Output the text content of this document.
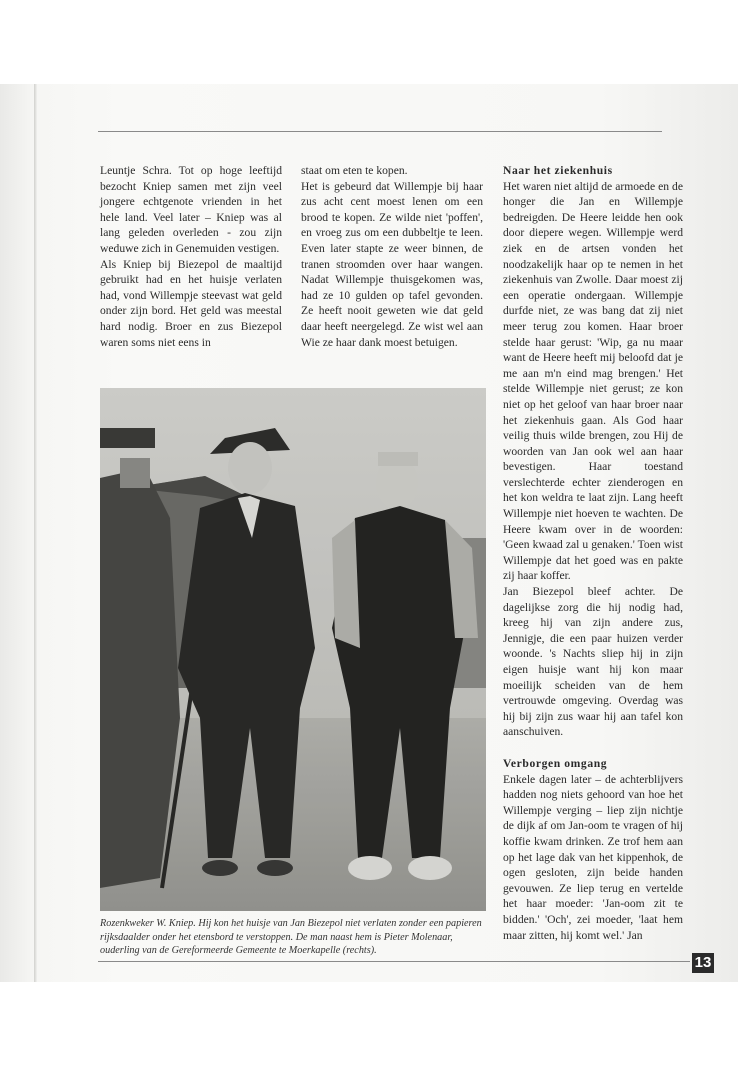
Leuntje Schra. Tot op hoge leeftijd bezocht Kniep samen met zijn veel jongere echtgenote vrienden in het hele land. Veel later – Kniep was al lang geleden overleden - zou zijn weduwe zich in Genemuiden vestigen.

Als Kniep bij Biezepol de maaltijd gebruikt had en het huisje verlaten had, vond Willempje steevast wat geld onder zijn bord. Het geld was meestal hard nodig. Broer en zus Biezepol waren soms niet eens in

staat om eten te kopen.

Het is gebeurd dat Willempje bij haar zus acht cent moest lenen om een brood te kopen. Ze wilde niet 'poffen', en vroeg zus om een dubbeltje te leen. Even later stapte ze weer binnen, de tranen stroomden over haar wangen. Nadat Willempje thuisgekomen was, had ze 10 gulden op tafel gevonden. Ze heeft nooit geweten wie dat geld daar heeft neergelegd. Ze wist wel aan Wie ze haar dank moest betuigen.

Naar het ziekenhuis

Het waren niet altijd de armoede en de honger die Jan en Willempje bedreigden. De Heere leidde hen ook door diepere wegen. Willempje werd ziek en de artsen vonden het noodzakelijk haar op te nemen in het ziekenhuis van Zwolle. Daar moest zij een operatie ondergaan. Willempje durfde niet, ze was bang dat zij niet meer terug zou komen. Haar broer stelde haar gerust: 'Wip, ga nu maar want de Heere heeft mij beloofd dat je me aan m'n eind mag brengen.' Het stelde Willempje niet gerust; ze kon niet op het geloof van haar broer naar het ziekenhuis gaan. Als God haar veilig thuis wilde brengen, zou Hij de woorden van Jan ook wel aan haar bevestigen. Haar toestand verslechterde echter zienderogen en het kon weldra te laat zijn. Lang heeft Willempje niet hoeven te wachten. De Heere kwam over in de woorden: 'Geen kwaad zal u genaken.' Toen wist Willempje dat het goed was en pakte zij haar koffer.

Jan Biezepol bleef achter. De dagelijkse zorg die hij nodig had, kreeg hij van zijn andere zus, Jennigje, die een paar huizen verder woonde. 's Nachts sliep hij in zijn eigen huisje want hij kon maar moeilijk scheiden van de hem vertrouwde omgeving. Overdag was hij bij zijn zus waar hij aan tafel kon aanschuiven.

Verborgen omgang

Enkele dagen later – de achterblijvers hadden nog niets gehoord van hoe het Willempje verging – liep zijn nichtje de dijk af om Jan-oom te vragen of hij koffie kwam drinken. Ze trof hem aan op het lage dak van het kippenhok, de ogen gesloten, zijn beide handen gevouwen. Ze liep terug en vertelde het haar moeder: 'Jan-oom zit te bidden.' 'Och', zei moeder, 'laat hem maar zitten, hij komt wel.' Jan

Rozenkweker W. Kniep. Hij kon het huisje van Jan Biezepol niet verlaten zonder een papieren rijksdaalder onder het etensbord te verstoppen. De man naast hem is Pieter Molenaar, ouderling van de Gereformeerde Gemeente te Moerkapelle (rechts).
13
